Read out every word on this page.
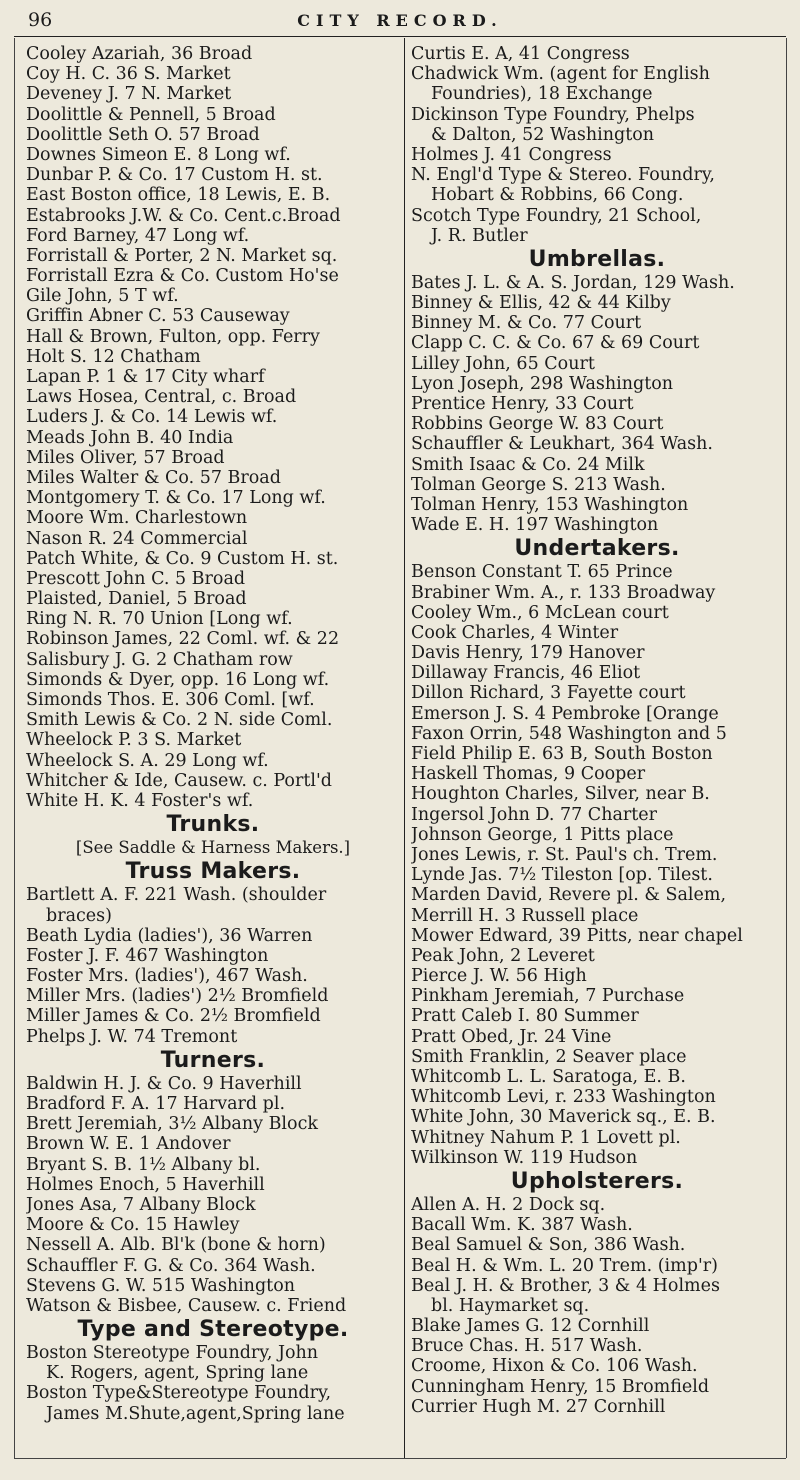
96	CITY RECORD.
Cooley Azariah, 36 Broad
Coy H. C. 36 S. Market
Deveney J. 7 N. Market
Doolittle & Pennell, 5 Broad
Doolittle Seth O. 57 Broad
Downes Simeon E. 8 Long wf.
Dunbar P. & Co. 17 Custom H. st.
East Boston office, 18 Lewis, E. B.
Estabrooks J.W. & Co. Cent.c.Broad
Ford Barney, 47 Long wf.
Forristall & Porter, 2 N. Market sq.
Forristall Ezra & Co. Custom Ho'se
Gile John, 5 T wf.
Griffin Abner C. 53 Causeway
Hall & Brown, Fulton, opp. Ferry
Holt S. 12 Chatham
Lapan P. 1 & 17 City wharf
Laws Hosea, Central, c. Broad
Luders J. & Co. 14 Lewis wf.
Meads John B. 40 India
Miles Oliver, 57 Broad
Miles Walter & Co. 57 Broad
Montgomery T. & Co. 17 Long wf.
Moore Wm. Charlestown
Nason R. 24 Commercial
Patch White, & Co. 9 Custom H. st.
Prescott John C. 5 Broad
Plaisted, Daniel, 5 Broad
Ring N. R. 70 Union [Long wf.
Robinson James, 22 Coml. wf. & 22
Salisbury J. G. 2 Chatham row
Simonds & Dyer, opp. 16 Long wf.
Simonds Thos. E. 306 Coml. [wf.
Smith Lewis & Co. 2 N. side Coml.
Wheelock P. 3 S. Market
Wheelock S. A. 29 Long wf.
Whitcher & Ide, Causew. c. Portl'd
White H. K. 4 Foster's wf.
Trunks.
[See Saddle & Harness Makers.]
Truss Makers.
Bartlett A. F. 221 Wash. (shoulder
braces)
Beath Lydia (ladies'), 36 Warren
Foster J. F. 467 Washington
Foster Mrs. (ladies'), 467 Wash.
Miller Mrs. (ladies') 2½ Bromfield
Miller James & Co. 2½ Bromfield
Phelps J. W. 74 Tremont
Turners.
Baldwin H. J. & Co. 9 Haverhill
Bradford F. A. 17 Harvard pl.
Brett Jeremiah, 3½ Albany Block
Brown W. E. 1 Andover
Bryant S. B. 1½ Albany bl.
Holmes Enoch, 5 Haverhill
Jones Asa, 7 Albany Block
Moore & Co. 15 Hawley
Nessell A. Alb. Bl'k (bone & horn)
Schauffler F. G. & Co. 364 Wash.
Stevens G. W. 515 Washington
Watson & Bisbee, Causew. c. Friend
Type and Stereotype.
Boston Stereotype Foundry, John
K. Rogers, agent, Spring lane
Boston Type&Stereotype Foundry,
James M.Shute,agent,Spring lane
Curtis E. A, 41 Congress
Chadwick Wm. (agent for English
Foundries), 18 Exchange
Dickinson Type Foundry, Phelps
& Dalton, 52 Washington
Holmes J. 41 Congress
N. Engl'd Type & Stereo. Foundry,
Hobart & Robbins, 66 Cong.
Scotch Type Foundry, 21 School,
J. R. Butler
Umbrellas.
Bates J. L. & A. S. Jordan, 129 Wash.
Binney & Ellis, 42 & 44 Kilby
Binney M. & Co. 77 Court
Clapp C. C. & Co. 67 & 69 Court
Lilley John, 65 Court
Lyon Joseph, 298 Washington
Prentice Henry, 33 Court
Robbins George W. 83 Court
Schauffler & Leukhart, 364 Wash.
Smith Isaac & Co. 24 Milk
Tolman George S. 213 Wash.
Tolman Henry, 153 Washington
Wade E. H. 197 Washington
Undertakers.
Benson Constant T. 65 Prince
Brabiner Wm. A., r. 133 Broadway
Cooley Wm., 6 McLean court
Cook Charles, 4 Winter
Davis Henry, 179 Hanover
Dillaway Francis, 46 Eliot
Dillon Richard, 3 Fayette court
Emerson J. S. 4 Pembroke [Orange
Faxon Orrin, 548 Washington and 5
Field Philip E. 63 B, South Boston
Haskell Thomas, 9 Cooper
Houghton Charles, Silver, near B.
Ingersol John D. 77 Charter
Johnson George, 1 Pitts place
Jones Lewis, r. St. Paul's ch. Trem.
Lynde Jas. 7½ Tileston [op. Tilest.
Marden David, Revere pl. & Salem,
Merrill H. 3 Russell place
Mower Edward, 39 Pitts, near chapel
Peak John, 2 Leveret
Pierce J. W. 56 High
Pinkham Jeremiah, 7 Purchase
Pratt Caleb I. 80 Summer
Pratt Obed, Jr. 24 Vine
Smith Franklin, 2 Seaver place
Whitcomb L. L. Saratoga, E. B.
Whitcomb Levi, r. 233 Washington
White John, 30 Maverick sq., E. B.
Whitney Nahum P. 1 Lovett pl.
Wilkinson W. 119 Hudson
Upholsterers.
Allen A. H. 2 Dock sq.
Bacall Wm. K. 387 Wash.
Beal Samuel & Son, 386 Wash.
Beal H. & Wm. L. 20 Trem. (imp'r)
Beal J. H. & Brother, 3 & 4 Holmes
bl. Haymarket sq.
Blake James G. 12 Cornhill
Bruce Chas. H. 517 Wash.
Croome, Hixon & Co. 106 Wash.
Cunningham Henry, 15 Bromfield
Currier Hugh M. 27 Cornhill
